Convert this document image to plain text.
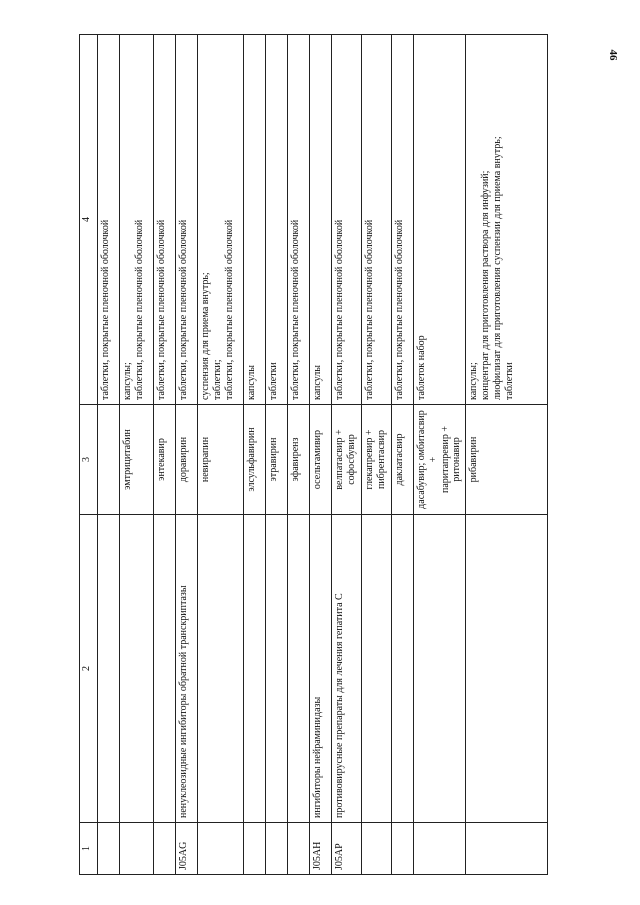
46
1	2	3	4
			таблетки, покрытые пленочной оболочкой
		эмтрицитабин	капсулы;
таблетки, покрытые пленочной оболочкой
		энтекавир	таблетки, покрытые пленочной оболочкой
J05AG	ненуклеозидные ингибиторы обратной транскриптазы	доравирин	таблетки, покрытые пленочной оболочкой
		невирапин	суспензия для приема внутрь;
таблетки;
таблетки, покрытые пленочной оболочкой
		элсульфавирин	капсулы
		этравирин	таблетки
		эфавиренз	таблетки, покрытые пленочной оболочкой
J05AH	ингибиторы нейраминидазы	осельтамивир	капсулы
J05AP	противовирусные препараты для лечения гепатита С	велпатасвир +
софосбувир	таблетки, покрытые пленочной оболочкой
		глекапревир +
пибрентасвир	таблетки, покрытые пленочной оболочкой
		даклатасвир	таблетки, покрытые пленочной оболочкой
		дасабувир; омбитасвир +
паритапревир +
ритонавир	таблеток набор
		рибавирин	капсулы;
концентрат для приготовления раствора для инфузий;
лиофилизат для приготовления суспензии для приема внутрь;
таблетки
